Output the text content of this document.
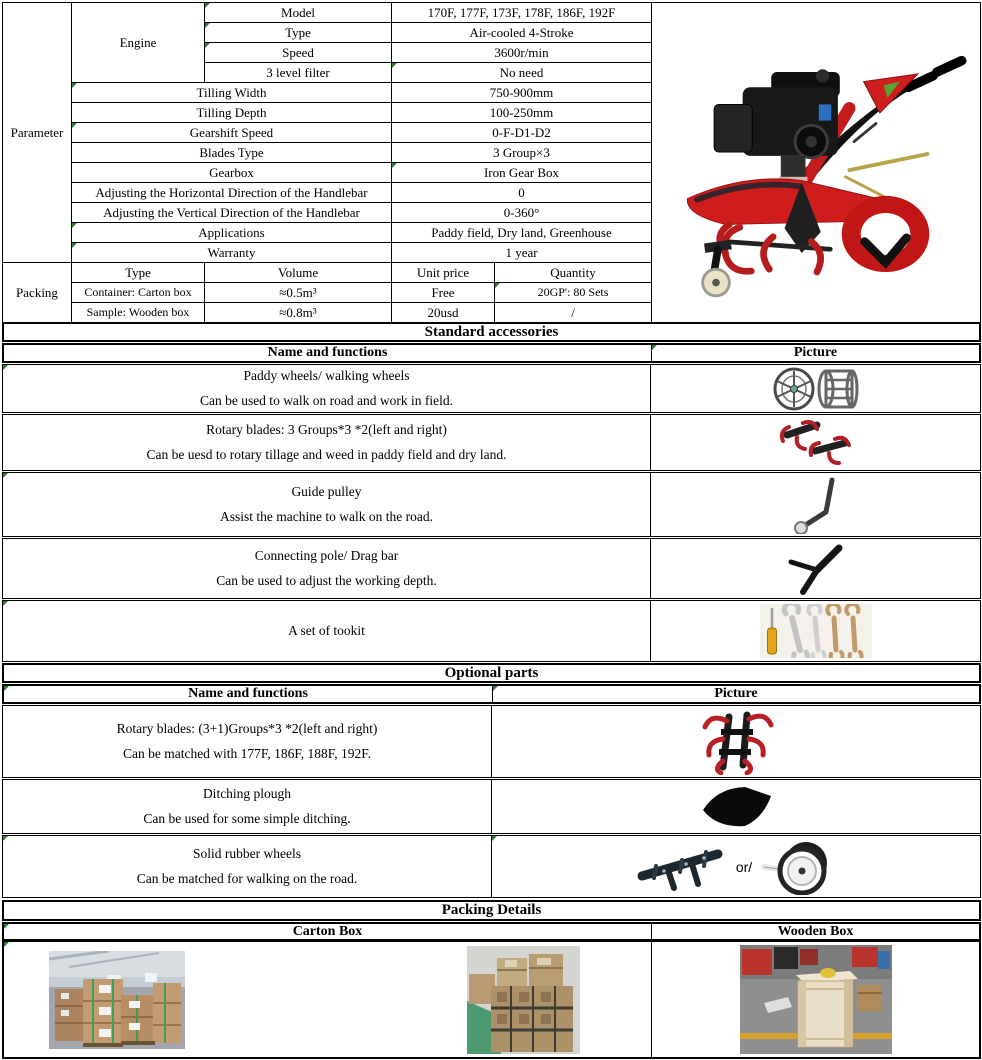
Parameter
Engine
Model	170F, 177F, 173F, 178F, 186F, 192F
Type	Air-cooled 4-Stroke
Speed	3600r/min
3 level filter	No need
Tilling Width	750-900mm
Tilling Depth	100-250mm
Gearshift Speed	0-F-D1-D2
Blades Type	3 Group×3
Gearbox	Iron Gear Box
Adjusting the Horizontal Direction of the Handlebar	0
Adjusting the Vertical Direction of the Handlebar	0-360°
Applications	Paddy field, Dry land, Greenhouse
Warranty	1 year
Packing
Type	Volume	Unit price	Quantity
Container: Carton box	≈0.5m³	Free	20GP': 80 Sets
Sample: Wooden box	≈0.8m³	20usd	/
Standard accessories
Name and functions	Picture
Paddy wheels/ walking wheels
Can be used to walk on road and work in field.
Rotary blades: 3 Groups*3 *2(left and right)
Can be uesd to rotary tillage and weed in paddy field and dry land.
Guide pulley
Assist the machine to walk on the road.
Connecting pole/ Drag bar
Can be used to adjust the working depth.
A set of tookit
Optional parts
Name and functions	Picture
Rotary blades: (3+1)Groups*3 *2(left and right)
Can be matched with 177F, 186F, 188F, 192F.
Ditching plough
Can be used for some simple ditching.
Solid rubber wheels
Can be matched for walking on the road.
or/
Packing Details
Carton Box	Wooden Box
